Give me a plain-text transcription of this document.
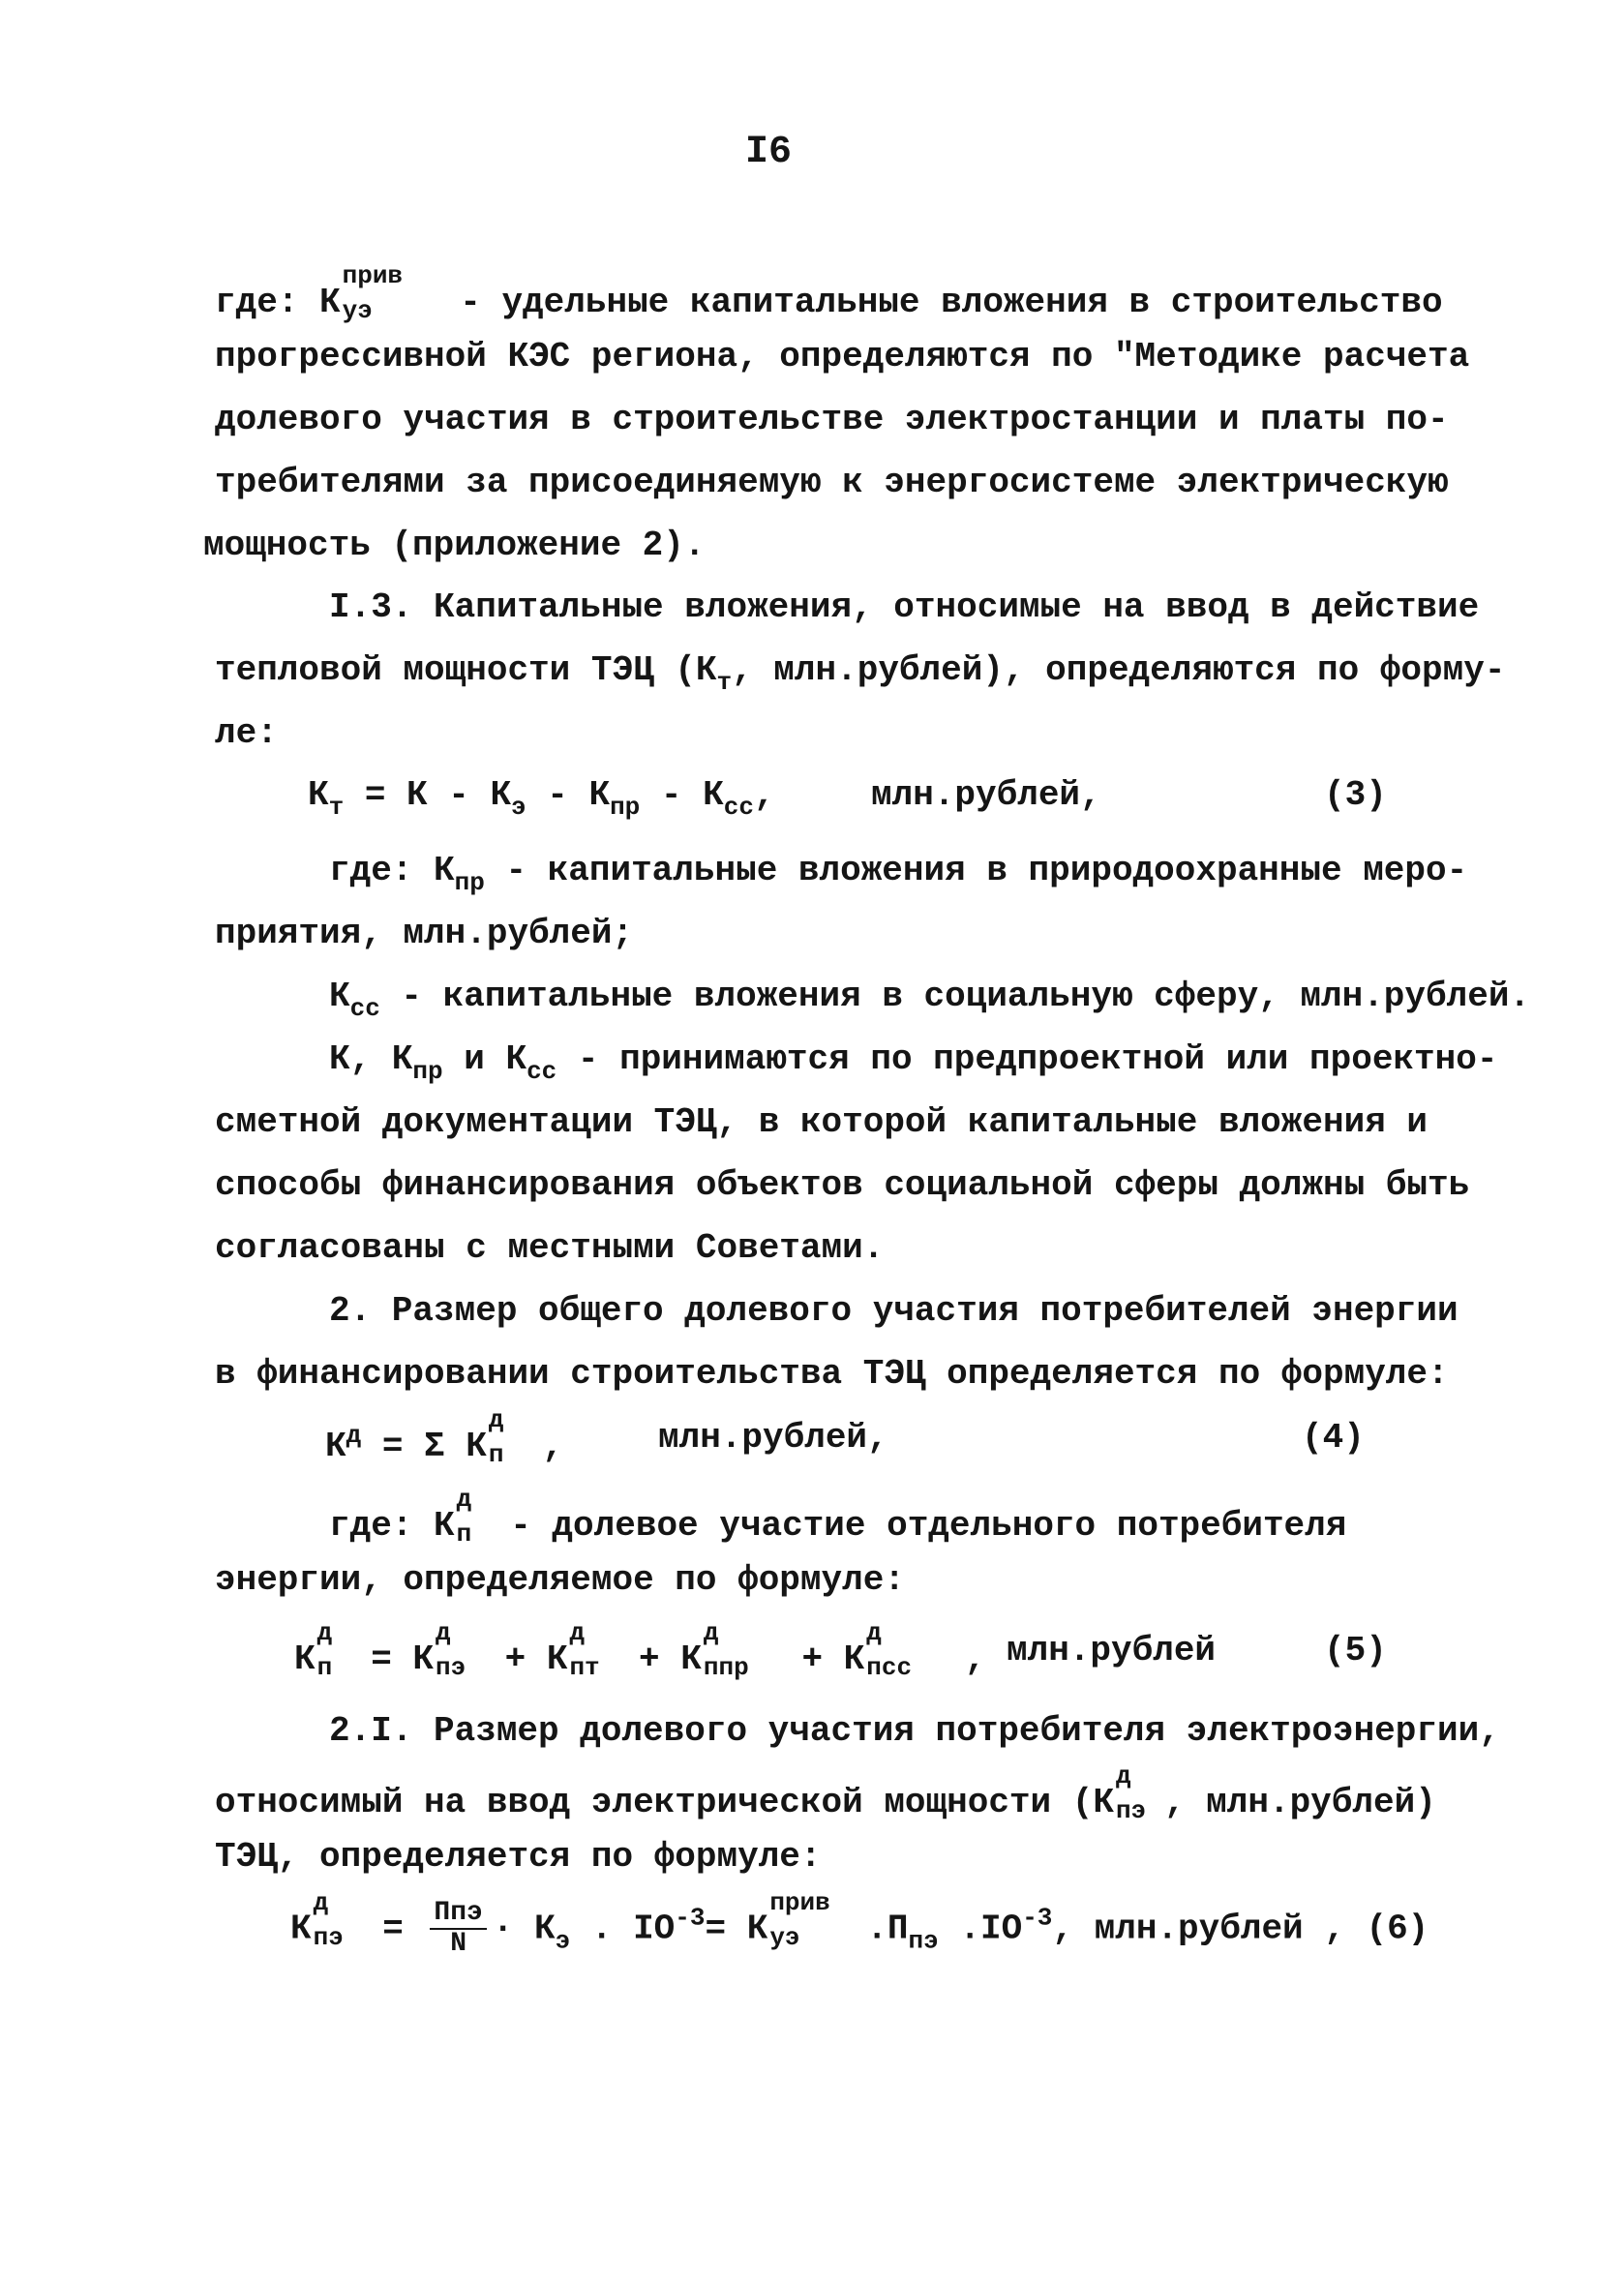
I6
где: К
прив
уэ	- удельные капитальные вложения в строительство
прогрессивной КЭС региона, определяются по "Методике расчета
долевого участия в строительстве электростанции и платы по-
требителями за присоединяемую к энергосистеме электрическую
мощность (приложение 2).
I.3. Капитальные вложения, относимые на ввод в действие
тепловой мощности ТЭЦ ($К_т$, млн.рублей), определяются по форму-
ле:
$К_т = К - К_э - К_{пр} - К_{сс}$,	млн.рублей,	(3)
где: $К_{пр}$ - капитальные вложения в природоохранные меро-
приятия, млн.рублей;
$К_{сс}$ - капитальные вложения в социальную сферу, млн.рублей.
К, $К_{пр}$ и $К_{сс}$ - принимаются по предпроектной или проектно-
сметной документации ТЭЦ, в которой капитальные вложения и
способы финансирования объектов социальной сферы должны быть
согласованы с местными Советами.
2. Размер общего долевого участия потребителей энергии
в финансировании строительства ТЭЦ определяется по формуле:
$К^д = \Sigma$ К
д
п ,	млн.рублей,	(4)
где: К
д
п - долевое участие отдельного потребителя
энергии, определяемое по формуле:
К
д
п = К
д
пэ + К
д
пт + К
д
ппр + К
д
псс , млн.рублей	(5)
2.I. Размер долевого участия потребителя электроэнергии,
относимый на ввод электрической мощности (К
д
пэ , млн.рублей)
ТЭЦ, определяется по формуле:
К
д
пэ = $\frac{\text{Ппэ}}{N} \cdot К_э$ . $IO^{-3}= К$
прив
уэ $.П_{пэ}$ $.IO^{-3}$, млн.рублей , (6)
